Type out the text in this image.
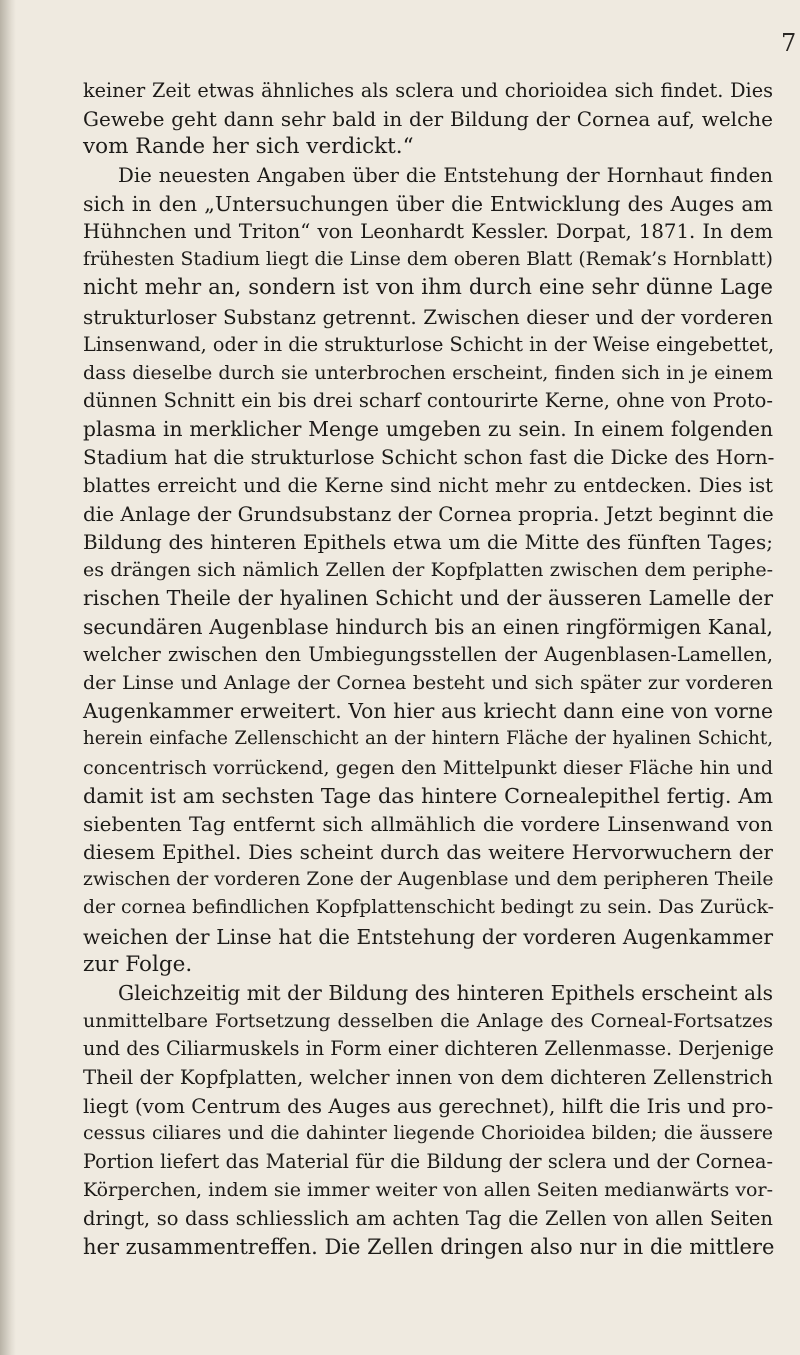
7
keiner Zeit etwas ähnliches als sclera und chorioidea sich findet. Dies
Gewebe geht dann sehr bald in der Bildung der Cornea auf, welche
vom Rande her sich verdickt.“
Die neuesten Angaben über die Entstehung der Hornhaut finden
sich in den „Untersuchungen über die Entwicklung des Auges am
Hühnchen und Triton“ von Leonhardt Kessler. Dorpat, 1871. In dem
frühesten Stadium liegt die Linse dem oberen Blatt (Remak’s Hornblatt)
nicht mehr an, sondern ist von ihm durch eine sehr dünne Lage
strukturloser Substanz getrennt. Zwischen dieser und der vorderen
Linsenwand, oder in die strukturlose Schicht in der Weise eingebettet,
dass dieselbe durch sie unterbrochen erscheint, finden sich in je einem
dünnen Schnitt ein bis drei scharf contourirte Kerne, ohne von Proto-
plasma in merklicher Menge umgeben zu sein. In einem folgenden
Stadium hat die strukturlose Schicht schon fast die Dicke des Horn-
blattes erreicht und die Kerne sind nicht mehr zu entdecken. Dies ist
die Anlage der Grundsubstanz der Cornea propria. Jetzt beginnt die
Bildung des hinteren Epithels etwa um die Mitte des fünften Tages;
es drängen sich nämlich Zellen der Kopfplatten zwischen dem periphe-
rischen Theile der hyalinen Schicht und der äusseren Lamelle der
secundären Augenblase hindurch bis an einen ringförmigen Kanal,
welcher zwischen den Umbiegungsstellen der Augenblasen-Lamellen,
der Linse und Anlage der Cornea besteht und sich später zur vorderen
Augenkammer erweitert. Von hier aus kriecht dann eine von vorne
herein einfache Zellenschicht an der hintern Fläche der hyalinen Schicht,
concentrisch vorrückend, gegen den Mittelpunkt dieser Fläche hin und
damit ist am sechsten Tage das hintere Cornealepithel fertig. Am
siebenten Tag entfernt sich allmählich die vordere Linsenwand von
diesem Epithel. Dies scheint durch das weitere Hervorwuchern der
zwischen der vorderen Zone der Augenblase und dem peripheren Theile
der cornea befindlichen Kopfplattenschicht bedingt zu sein. Das Zurück-
weichen der Linse hat die Entstehung der vorderen Augenkammer
zur Folge.
Gleichzeitig mit der Bildung des hinteren Epithels erscheint als
unmittelbare Fortsetzung desselben die Anlage des Corneal-Fortsatzes
und des Ciliarmuskels in Form einer dichteren Zellenmasse. Derjenige
Theil der Kopfplatten, welcher innen von dem dichteren Zellenstrich
liegt (vom Centrum des Auges aus gerechnet), hilft die Iris und pro-
cessus ciliares und die dahinter liegende Chorioidea bilden; die äussere
Portion liefert das Material für die Bildung der sclera und der Cornea-
Körperchen, indem sie immer weiter von allen Seiten medianwärts vor-
dringt, so dass schliesslich am achten Tag die Zellen von allen Seiten
her zusammentreffen. Die Zellen dringen also nur in die mittlere
